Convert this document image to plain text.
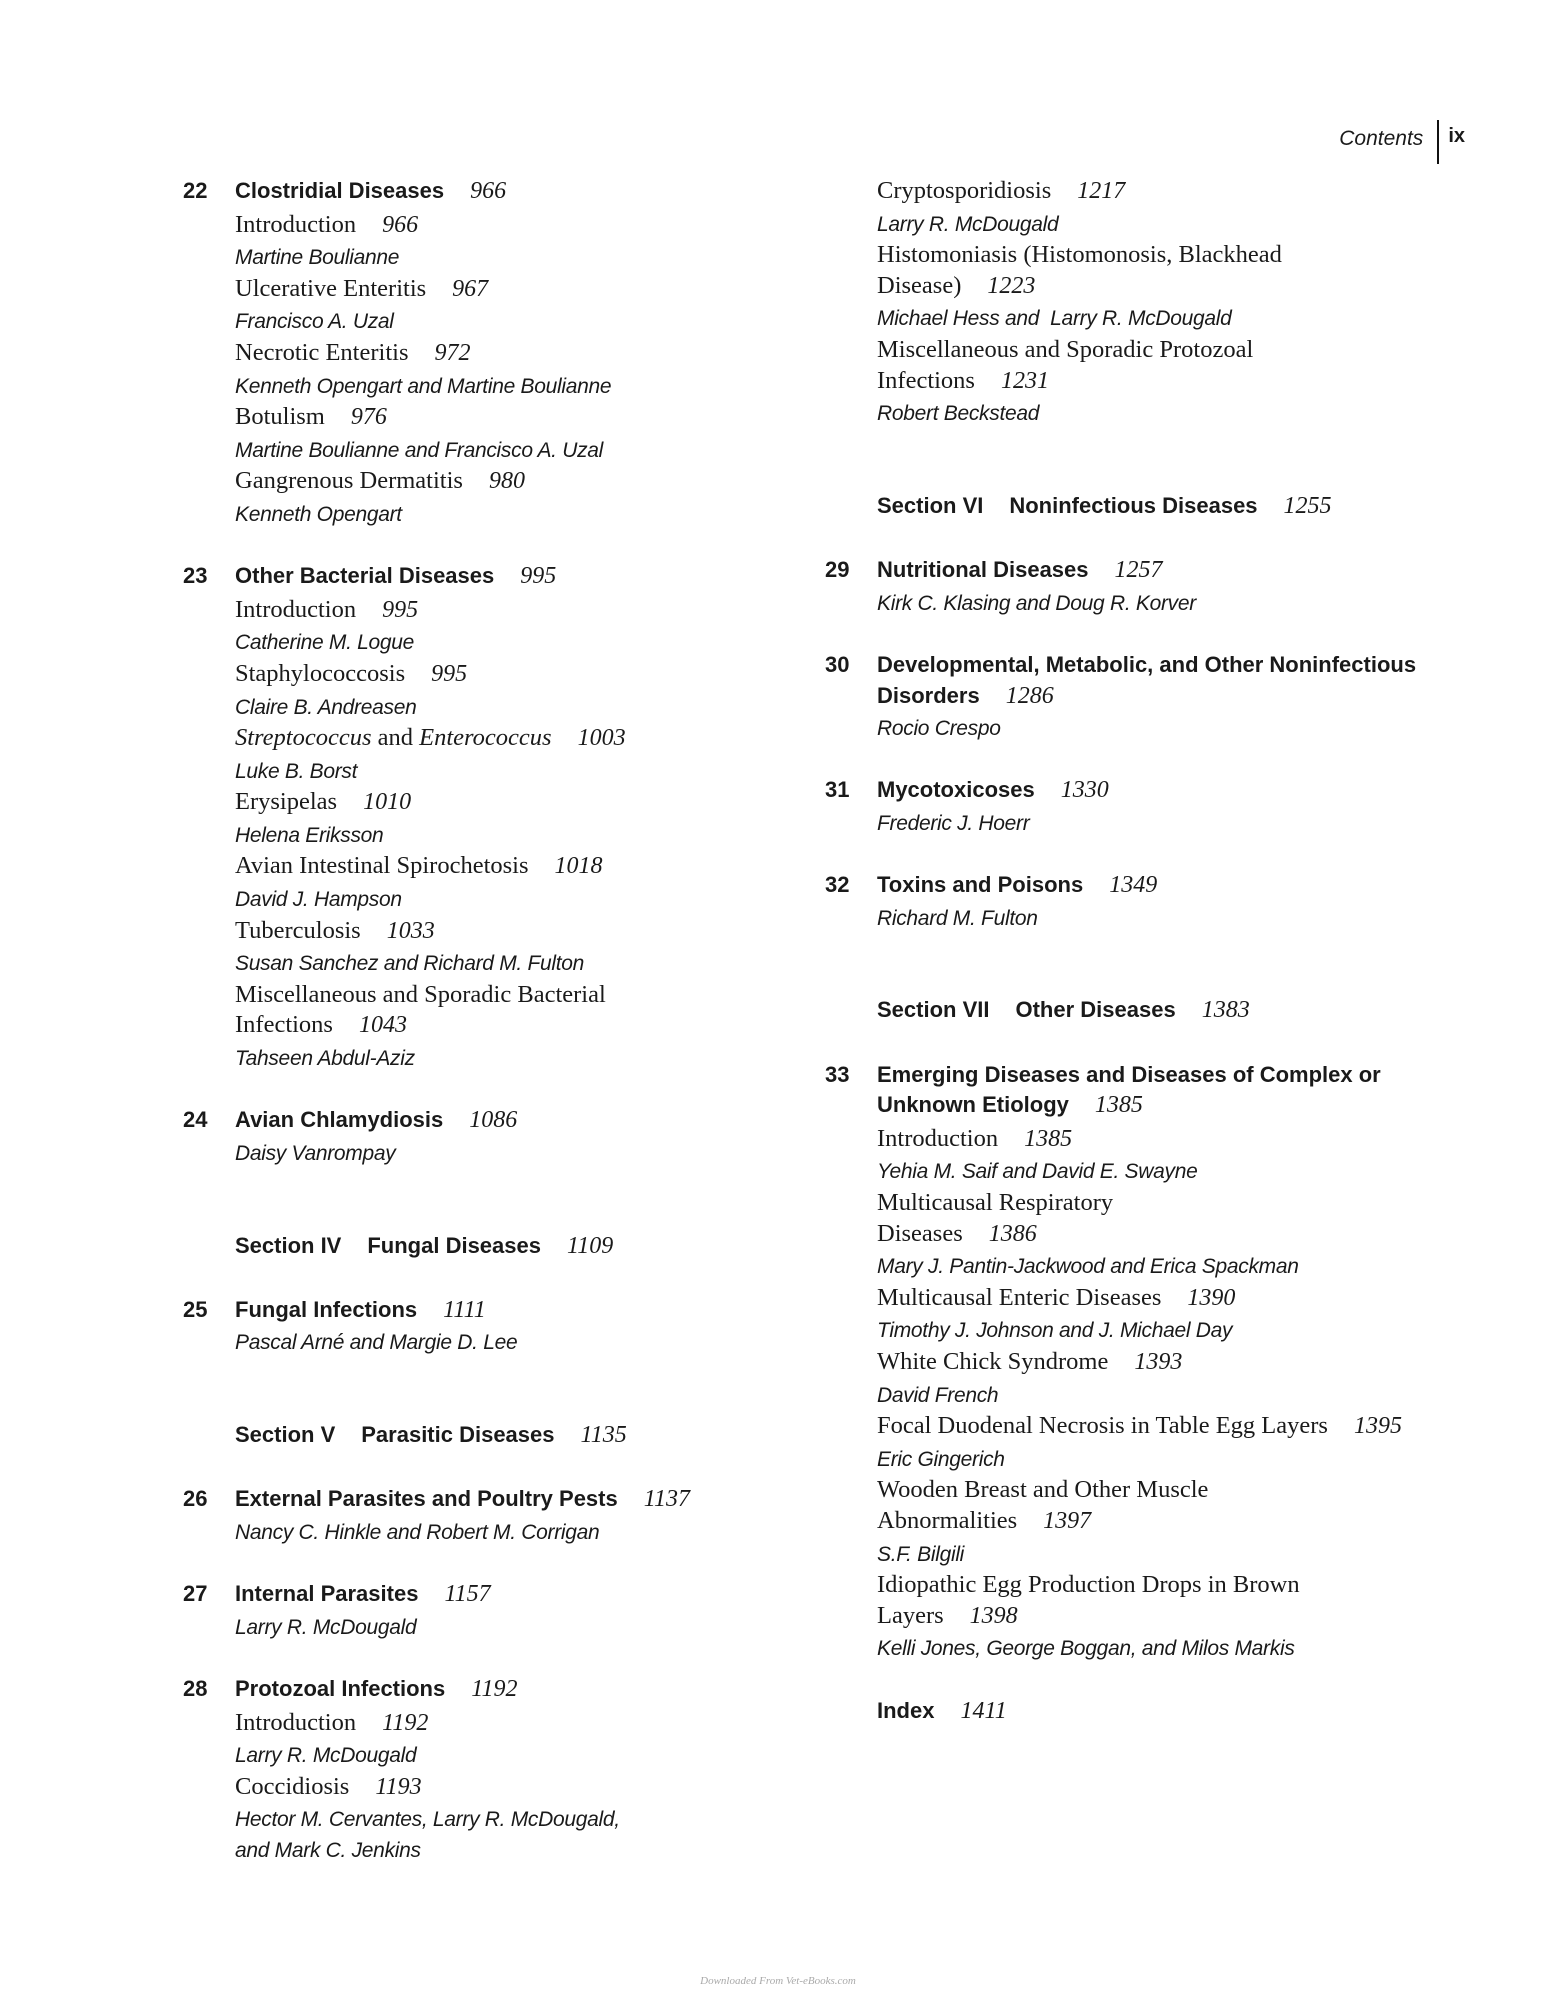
Contents ix
22	Clostridial Diseases 966
Introduction 966
Martine Boulianne
Ulcerative Enteritis 967
Francisco A. Uzal
Necrotic Enteritis 972
Kenneth Opengart and Martine Boulianne
Botulism 976
Martine Boulianne and Francisco A. Uzal
Gangrenous Dermatitis 980
Kenneth Opengart
23	Other Bacterial Diseases 995
Introduction 995
Catherine M. Logue
Staphylococcosis 995
Claire B. Andreasen
Streptococcus and Enterococcus 1003
Luke B. Borst
Erysipelas 1010
Helena Eriksson
Avian Intestinal Spirochetosis 1018
David J. Hampson
Tuberculosis 1033
Susan Sanchez and Richard M. Fulton
Miscellaneous and Sporadic Bacterial
Infections 1043
Tahseen Abdul-Aziz
24	Avian Chlamydiosis 1086
Daisy Vanrompay
Section IV Fungal Diseases 1109
25	Fungal Infections 1111
Pascal Arné and Margie D. Lee
Section V Parasitic Diseases 1135
26	External Parasites and Poultry Pests 1137
Nancy C. Hinkle and Robert M. Corrigan
27	Internal Parasites 1157
Larry R. McDougald
28	Protozoal Infections 1192
Introduction 1192
Larry R. McDougald
Coccidiosis 1193
Hector M. Cervantes, Larry R. McDougald,
and Mark C. Jenkins
Cryptosporidiosis 1217
Larry R. McDougald
Histomoniasis (Histomonosis, Blackhead
Disease) 1223
Michael Hess and  Larry R. McDougald
Miscellaneous and Sporadic Protozoal
Infections 1231
Robert Beckstead
Section VI Noninfectious Diseases 1255
29	Nutritional Diseases 1257
Kirk C. Klasing and Doug R. Korver
30	Developmental, Metabolic, and Other Noninfectious
Disorders 1286
Rocio Crespo
31	Mycotoxicoses 1330
Frederic J. Hoerr
32	Toxins and Poisons 1349
Richard M. Fulton
Section VII Other Diseases 1383
33	Emerging Diseases and Diseases of Complex or
Unknown Etiology 1385
Introduction 1385
Yehia M. Saif and David E. Swayne
Multicausal Respiratory
Diseases 1386
Mary J. Pantin-Jackwood and Erica Spackman
Multicausal Enteric Diseases 1390
Timothy J. Johnson and J. Michael Day
White Chick Syndrome 1393
David French
Focal Duodenal Necrosis in Table Egg Layers 1395
Eric Gingerich
Wooden Breast and Other Muscle
Abnormalities 1397
S.F. Bilgili
Idiopathic Egg Production Drops in Brown
Layers 1398
Kelli Jones, George Boggan, and Milos Markis
Index 1411
Downloaded From Vet-eBooks.com
